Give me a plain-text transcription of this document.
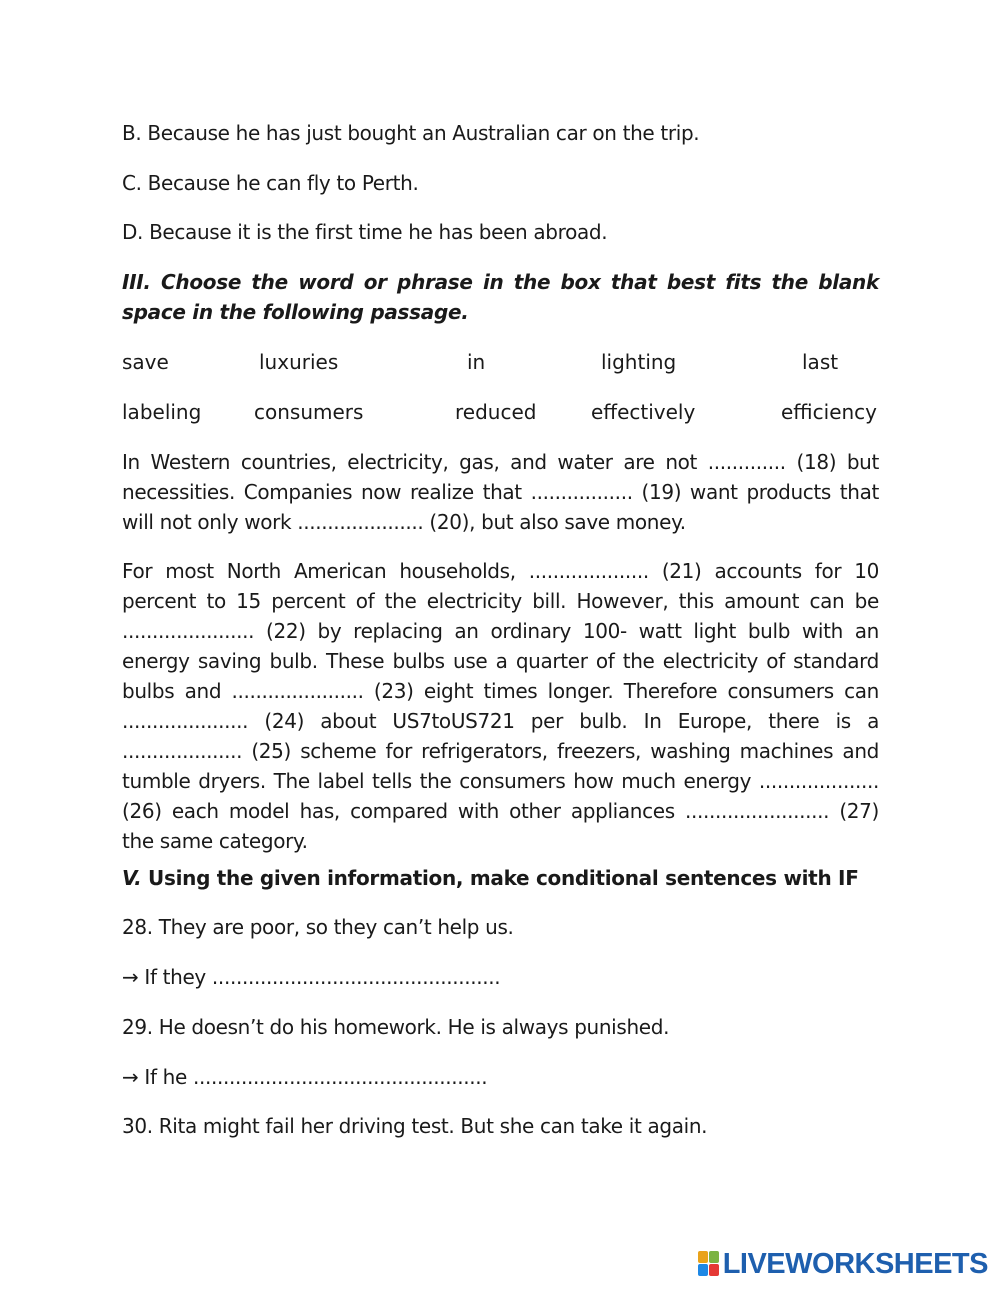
B. Because he has just bought an Australian car on the trip.
C. Because he can fly to Perth.
D. Because it is the first time he has been abroad.
III. Choose the word or phrase in the box that best fits the blank space in the following passage.
save	luxuries	in	lighting	last
labeling	consumers	reduced	effectively	efficiency
In Western countries, electricity, gas, and water are not ............. (18) but necessities. Companies now realize that ................. (19) want products that will not only work ..................... (20), but also save money.
For most North American households, .................... (21) accounts for 10 percent to 15 percent of the electricity bill. However, this amount can be ...................... (22) by replacing an ordinary 100- watt light bulb with an energy saving bulb. These bulbs use a quarter of the electricity of standard bulbs and ...................... (23) eight times longer. Therefore consumers can ..................... (24) about US7toUS721 per bulb. In Europe, there is a .................... (25) scheme for refrigerators, freezers, washing machines and tumble dryers. The label tells the consumers how much energy .................... (26) each model has, compared with other appliances ........................ (27) the same category.
V. Using the given information, make conditional sentences with IF
28. They are poor, so they can’t help us.
→ If they ................................................
29. He doesn’t do his homework. He is always punished.
→ If he .................................................
30. Rita might fail her driving test. But she can take it again.
LIVEWORKSHEETS
